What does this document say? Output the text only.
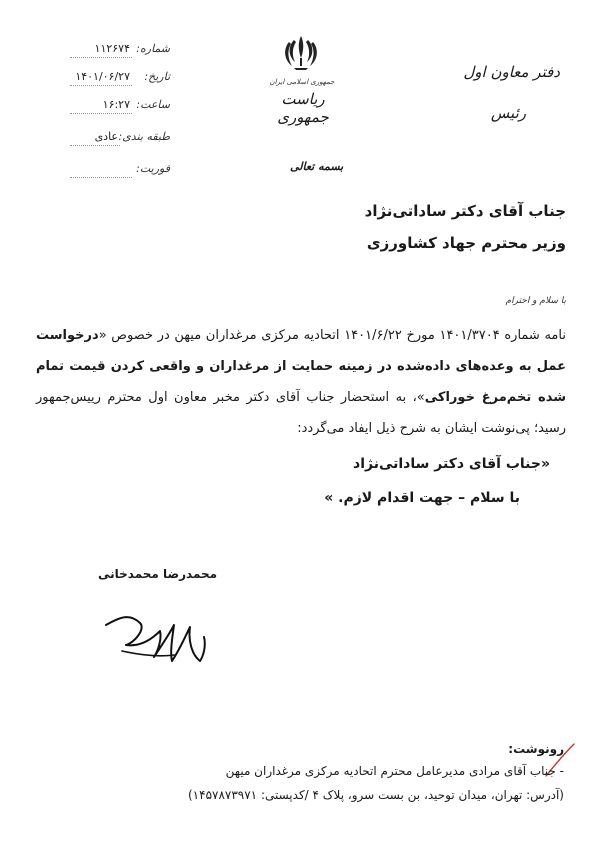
شماره:
۱۱۲۶۷۴
تاریخ:
۱۴۰۱/۰۶/۲۷
ساعت:
۱۶:۲۷
طبقه بندی:
عادی
فوریت:
جمهوری اسلامی ایران
ریاست جمهوری
دفتر معاون اول
رئیس
بسمه تعالی
جناب آقای دکتر ساداتی‌نژاد
وزیر محترم جهاد کشاورزی
با سلام و احترام
نامه شماره ۱۴۰۱/۳۷۰۴ مورخ ۱۴۰۱/۶/۲۲ اتحادیه مرکزی مرغداران میهن در خصوص «درخواست عمل به وعده‌های داده‌شده در زمینه حمایت از مرغداران و واقعی کردن قیمت تمام شده تخم‌مرغ خوراکی»، به استحضار جناب آقای دکتر مخبر معاون اول محترم رییس‌جمهور رسید؛ پی‌نوشت ایشان به شرح ذیل ایفاد می‌گردد:
«جناب آقای دکتر ساداتی‌نژاد
با سلام – جهت اقدام لازم. »
محمدرضا محمدخانی
رونوشت:
- جناب آقای مرادی مدیرعامل محترم اتحادیه مرکزی مرغداران میهن
(آدرس: تهران، میدان توحید، بن بست سرو، پلاک ۴ /کدپستی: ۱۴۵۷۸۷۳۹۷۱)
